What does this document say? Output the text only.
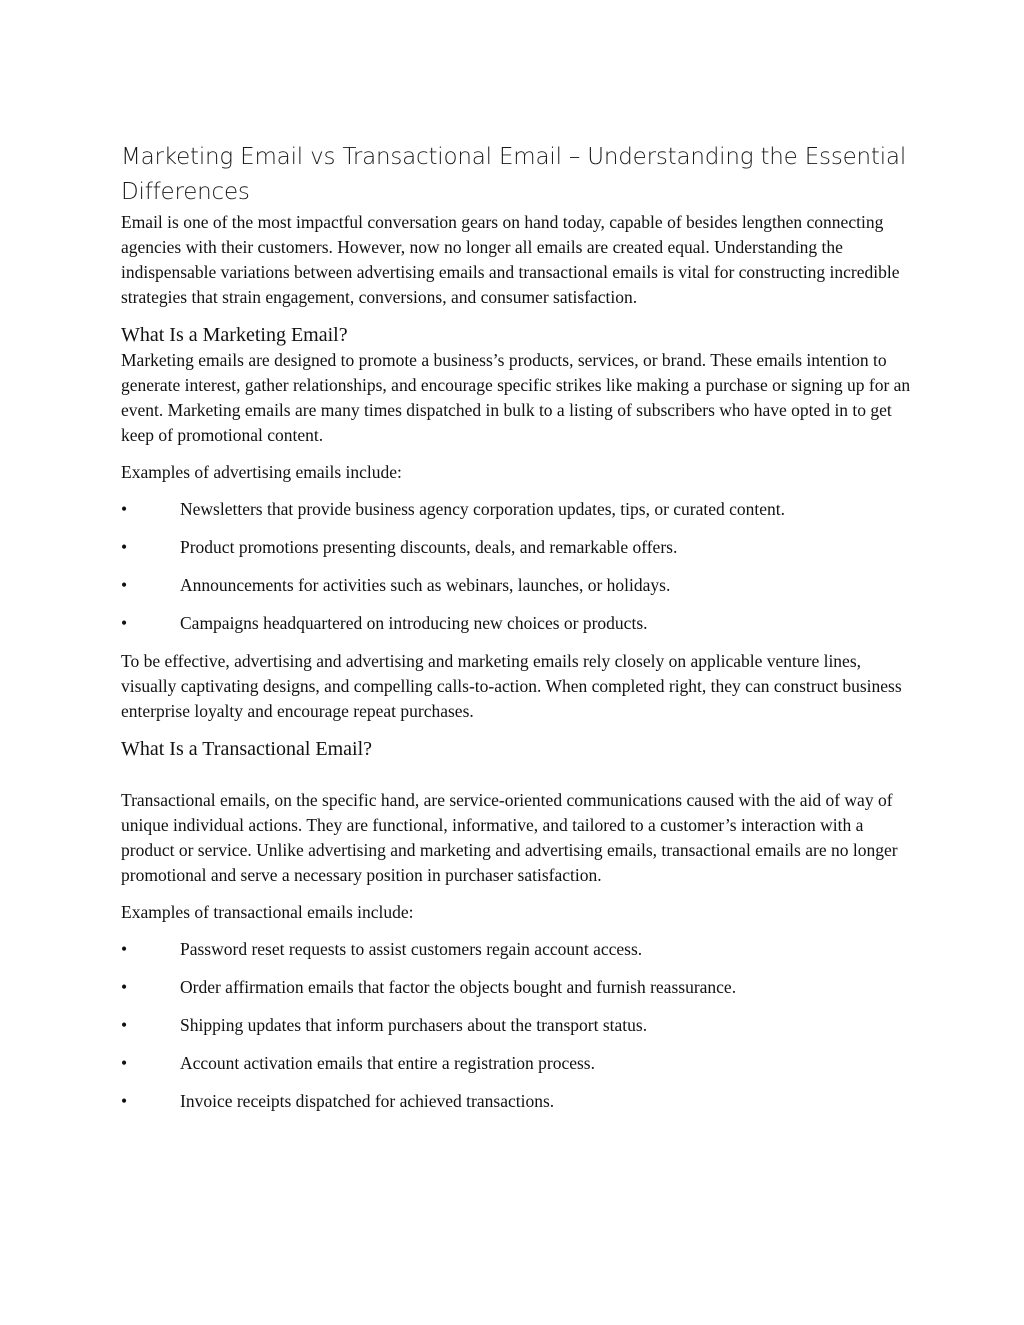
Marketing Email vs Transactional Email – Understanding the Essential Differences

Email is one of the most impactful conversation gears on hand today, capable of besides lengthen connecting agencies with their customers. However, now no longer all emails are created equal. Understanding the indispensable variations between advertising emails and transactional emails is vital for constructing incredible strategies that strain engagement, conversions, and consumer satisfaction.

What Is a Marketing Email?

Marketing emails are designed to promote a business’s products, services, or brand. These emails intention to generate interest, gather relationships, and encourage specific strikes like making a purchase or signing up for an event. Marketing emails are many times dispatched in bulk to a listing of subscribers who have opted in to get keep of promotional content.

Examples of advertising emails include:

•	Newsletters that provide business agency corporation updates, tips, or curated content.
•	Product promotions presenting discounts, deals, and remarkable offers.
•	Announcements for activities such as webinars, launches, or holidays.
•	Campaigns headquartered on introducing new choices or products.

To be effective, advertising and advertising and marketing emails rely closely on applicable venture lines, visually captivating designs, and compelling calls-to-action. When completed right, they can construct business enterprise loyalty and encourage repeat purchases.

What Is a Transactional Email?

Transactional emails, on the specific hand, are service-oriented communications caused with the aid of way of unique individual actions. They are functional, informative, and tailored to a customer’s interaction with a product or service. Unlike advertising and marketing and advertising emails, transactional emails are no longer promotional and serve a necessary position in purchaser satisfaction.

Examples of transactional emails include:

•	Password reset requests to assist customers regain account access.
•	Order affirmation emails that factor the objects bought and furnish reassurance.
•	Shipping updates that inform purchasers about the transport status.
•	Account activation emails that entire a registration process.
•	Invoice receipts dispatched for achieved transactions.
